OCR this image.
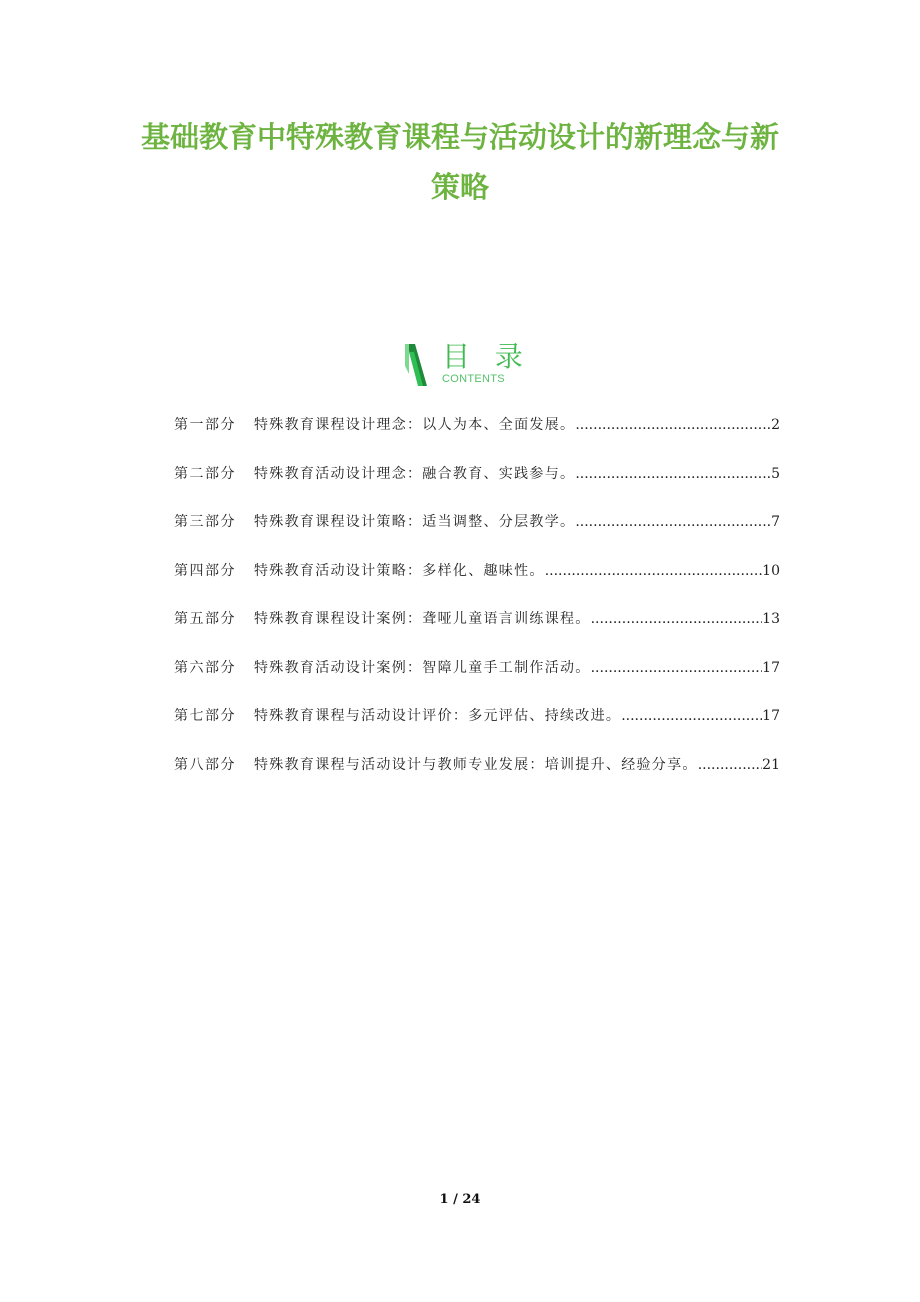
基础教育中特殊教育课程与活动设计的新理念与新
策略
目 录
CONTENTS
第一部分 特殊教育课程设计理念：以人为本、全面发展。 .....	2
第二部分 特殊教育活动设计理念：融合教育、实践参与。 .....	5
第三部分 特殊教育课程设计策略：适当调整、分层教学。 .....	7
第四部分 特殊教育活动设计策略：多样化、趣味性。 .....	10
第五部分 特殊教育课程设计案例：聋哑儿童语言训练课程。 .....	13
第六部分 特殊教育活动设计案例：智障儿童手工制作活动。 .....	17
第七部分 特殊教育课程与活动设计评价：多元评估、持续改进。 .....	17
第八部分 特殊教育课程与活动设计与教师专业发展：培训提升、经验分享。 .....	21
1 / 24
